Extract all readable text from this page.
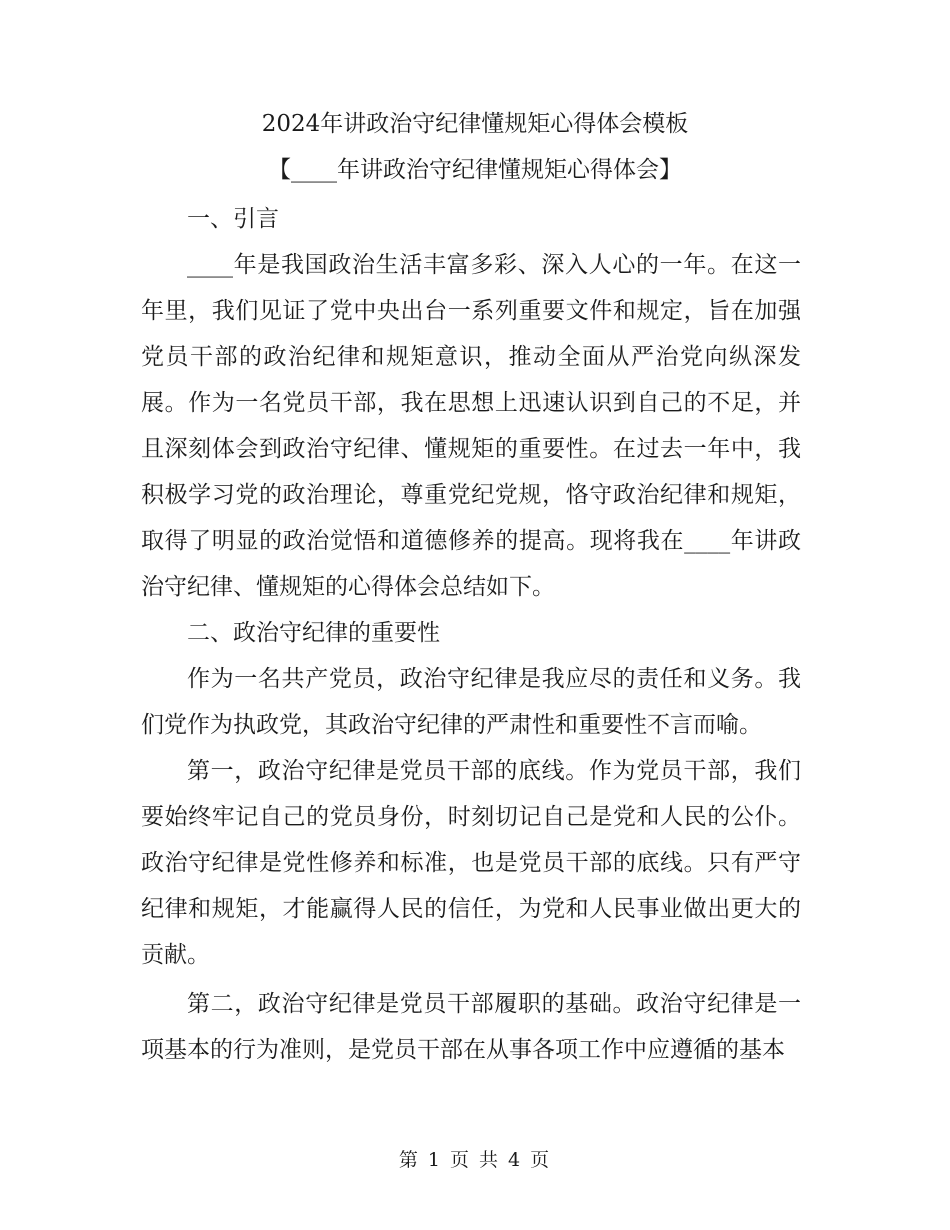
2024年讲政治守纪律懂规矩心得体会模板
【____年讲政治守纪律懂规矩心得体会】

一、引言

____年是我国政治生活丰富多彩、深入人心的一年。在这一年里，我们见证了党中央出台一系列重要文件和规定，旨在加强党员干部的政治纪律和规矩意识，推动全面从严治党向纵深发展。作为一名党员干部，我在思想上迅速认识到自己的不足，并且深刻体会到政治守纪律、懂规矩的重要性。在过去一年中，我积极学习党的政治理论，尊重党纪党规，恪守政治纪律和规矩，取得了明显的政治觉悟和道德修养的提高。现将我在____年讲政治守纪律、懂规矩的心得体会总结如下。

二、政治守纪律的重要性

作为一名共产党员，政治守纪律是我应尽的责任和义务。我们党作为执政党，其政治守纪律的严肃性和重要性不言而喻。

第一，政治守纪律是党员干部的底线。作为党员干部，我们要始终牢记自己的党员身份，时刻切记自己是党和人民的公仆。政治守纪律是党性修养和标准，也是党员干部的底线。只有严守纪律和规矩，才能赢得人民的信任，为党和人民事业做出更大的贡献。

第二，政治守纪律是党员干部履职的基础。政治守纪律是一项基本的行为准则，是党员干部在从事各项工作中应遵循的基本

第 1 页 共 4 页
